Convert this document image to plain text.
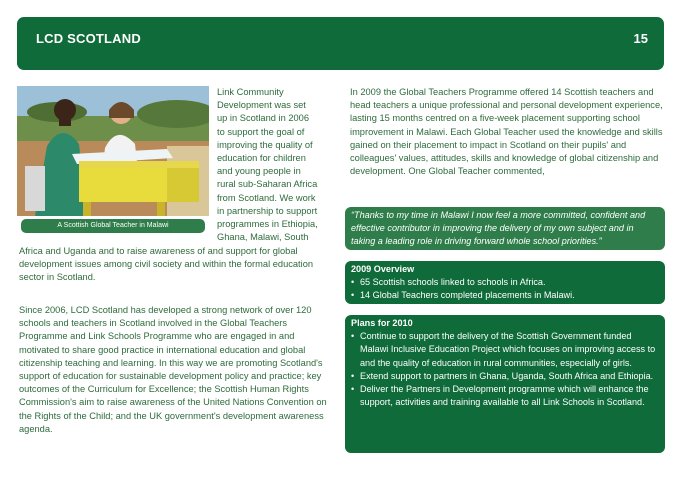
LCD SCOTLAND	15
A Scottish Global Teacher in Malawi

Link Community
Development was set
up in Scotland in 2006
to support the goal of
improving the quality of
education for children
and young people in
rural sub-Saharan Africa
from Scotland. We work
in partnership to support
programmes in Ethiopia,
Ghana, Malawi, South

Africa and Uganda and to raise awareness of and support for global development issues among civil society and within the formal education sector in Scotland.

Since 2006, LCD Scotland has developed a strong network of over 120 schools and teachers in Scotland involved in the Global Teachers Programme and Link Schools Programme who are engaged in and motivated to share good practice in international education and global citizenship teaching and learning. In this way we are promoting Scotland's support of education for sustainable development policy and practice; key outcomes of the Curriculum for Excellence; the Scottish Human Rights Commission's aim to raise awareness of the United Nations Convention on the Rights of the Child; and the UK government's development awareness agenda.

In 2009 the Global Teachers Programme offered 14 Scottish teachers and head teachers a unique professional and personal development experience, lasting 15 months centred on a five-week placement supporting school improvement in Malawi. Each Global Teacher used the knowledge and skills gained on their placement to impact in Scotland on their pupils' and colleagues' values, attitudes, skills and knowledge of global citizenship and development. One Global Teacher commented,

“Thanks to my time in Malawi I now feel a more committed, confident and effective contributor in improving the delivery of my own subject and in taking a leading role in driving forward whole school priorities.”
2009 Overview
• 65 Scottish schools linked to schools in Africa.
• 14 Global Teachers completed placements in Malawi.
Plans for 2010
• Continue to support the delivery of the Scottish Government funded Malawi Inclusive Education Project which focuses on improving access to and the quality of education in rural communities, especially of girls.
• Extend support to partners in Ghana, Uganda, South Africa and Ethiopia.
• Deliver the Partners in Development programme which will enhance the support, activities and training available to all Link Schools in Scotland.
